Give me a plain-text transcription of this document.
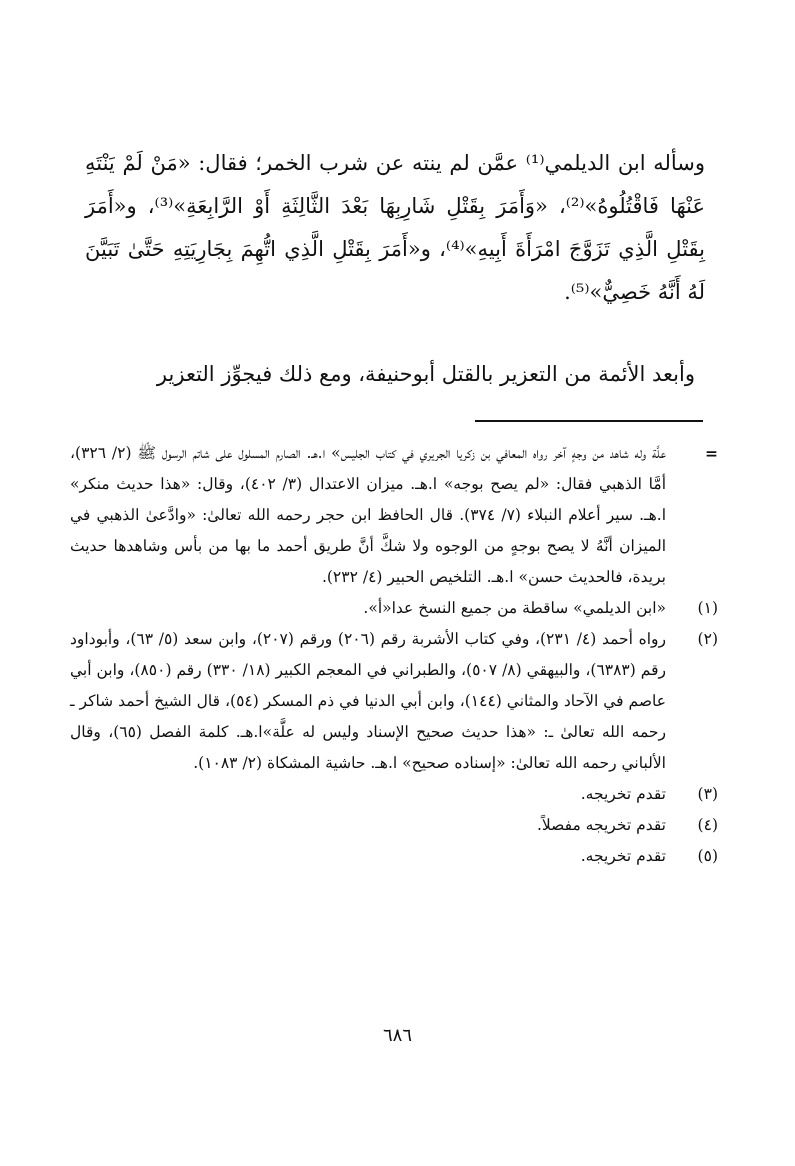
وسأله ابن الديلمي⁽¹⁾ عمَّن لم ينته عن شرب الخمر؛ فقال: «مَنْ لَمْ يَنْتَهِ عَنْهَا فَاقْتُلُوهُ»⁽²⁾، «وَأَمَرَ بِقَتْلِ شَارِبِهَا بَعْدَ الثَّالِثَةِ أَوْ الرَّابِعَةِ»⁽³⁾، و«أَمَرَ بِقَتْلِ الَّذِي تَزَوَّجَ امْرَأَةَ أَبِيهِ»⁽⁴⁾، و«أَمَرَ بِقَتْلِ الَّذِي اتُّهِمَ بِجَارِيَتِهِ حَتَّىٰ تَبَيَّنَ لَهُ أَنَّهُ خَصِيٌّ»⁽⁵⁾.

وأبعد الأئمة من التعزير بالقتل أبوحنيفة، ومع ذلك فيجوِّز التعزير
=
علَّة وله شاهد من وجهٍ آخر رواه المعافي بن زكريا الجريري في كتاب الجليس» ا.هـ. الصارم المسلول على شاتم الرسول ﷺ (٢/ ٣٢٦)، أمَّا الذهبي فقال: «لم يصح بوجه» ا.هـ. ميزان الاعتدال (٣/ ٤٠٢)، وقال: «هذا حديث منكر» ا.هـ. سير أعلام النبلاء (٧/ ٣٧٤). قال الحافظ ابن حجر رحمه الله تعالىٰ: «وادَّعىٰ الذهبي في الميزان أنَّهُ لا يصح بوجهٍ من الوجوه ولا شكَّ أنَّ طريق أحمد ما بها من بأس وشاهدها حديث بريدة، فالحديث حسن» ا.هـ. التلخيص الحبير (٤/ ٢٣٢).
(١)
«ابن الديلمي» ساقطة من جميع النسخ عدا«أ».
(٢)
رواه أحمد (٤/ ٢٣١)، وفي كتاب الأشربة رقم (٢٠٦) ورقم (٢٠٧)، وابن سعد (٥/ ٦٣)، وأبوداود رقم (٦٣٨٣)، والبيهقي (٨/ ٥٠٧)، والطبراني في المعجم الكبير (١٨/ ٣٣٠) رقم (٨٥٠)، وابن أبي عاصم في الآحاد والمثاني (١٤٤)، وابن أبي الدنيا في ذم المسكر (٥٤)، قال الشيخ أحمد شاكر ـ رحمه الله تعالىٰ ـ: «هذا حديث صحيح الإسناد وليس له علَّة»ا.هـ. كلمة الفصل (٦٥)، وقال الألباني رحمه الله تعالىٰ: «إسناده صحيح» ا.هـ. حاشية المشكاة (٢/ ١٠٨٣).
(٣)
تقدم تخريجه.
(٤)
تقدم تخريجه مفصلاً.
(٥)
تقدم تخريجه.
٦٨٦
